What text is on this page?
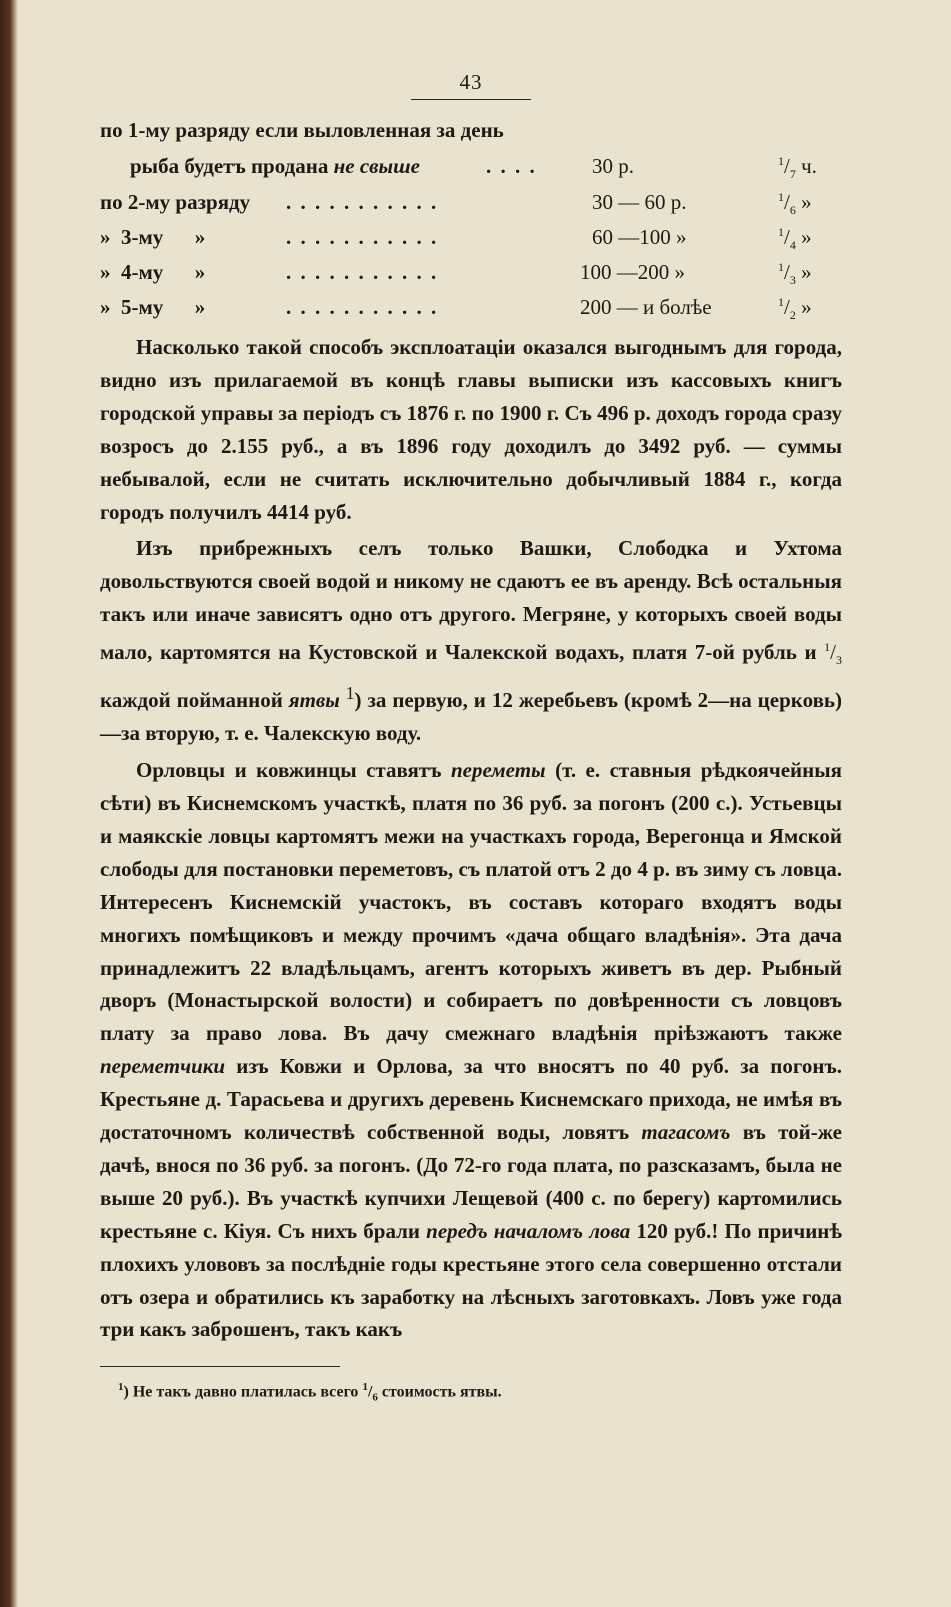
43
по 1-му разряду если выловленная за день
рыба будетъ продана не свыше	. . . .	30 р.	$^1/_7$ ч.
по 2-му разряду . . . . . . . . . . .	30 — 60 р.	$^1/_6$ »
»  3-му      »	. . . . . . . . . . .	60 —100 »	$^1/_4$ »
»  4-му      »	. . . . . . . . . . .	100 —200 »	$^1/_3$ »
»  5-му      »	. . . . . . . . . . .	200 — и болѣе	$^1/_2$ »

Насколько такой способъ эксплоатаціи оказался выгоднымъ для города, видно изъ прилагаемой въ концѣ главы выписки изъ кассовыхъ книгъ городской управы за періодъ съ 1876 г. по 1900 г. Съ 496 р. доходъ города сразу возросъ до 2.155 руб., а въ 1896 году доходилъ до 3492 руб. — суммы небывалой, если не считать исключительно добычливый 1884 г., когда городъ получилъ 4414 руб.

Изъ прибрежныхъ селъ только Вашки, Слободка и Ухтома довольствуются своей водой и никому не сдаютъ ее въ аренду. Всѣ остальныя такъ или иначе зависятъ одно отъ другого. Мегряне, у которыхъ своей воды мало, картомятся на Кустовской и Чалекской водахъ, платя 7-ой рубль и $^1/_3$ каждой пойманной ятвы $^1$) за первую, и 12 жеребьевъ (кромѣ 2—на церковь)—за вторую, т. е. Чалекскую воду.

Орловцы и ковжинцы ставятъ переметы (т. е. ставныя рѣдкоячейныя сѣти) въ Киснемскомъ участкѣ, платя по 36 руб. за погонъ (200 с.). Устьевцы и маякскіе ловцы картомятъ межи на участкахъ города, Верегонца и Ямской слободы для постановки переметовъ, съ платой отъ 2 до 4 р. въ зиму съ ловца. Интересенъ Киснемскій участокъ, въ составъ котораго входятъ воды многихъ помѣщиковъ и между прочимъ «дача общаго владѣнія». Эта дача принадлежитъ 22 владѣльцамъ, агентъ которыхъ живетъ въ дер. Рыбный дворъ (Монастырской волости) и собираетъ по довѣренности съ ловцовъ плату за право лова. Въ дачу смежнаго владѣнія пріѣзжаютъ также переметчики изъ Ковжи и Орлова, за что вносятъ по 40 руб. за погонъ. Крестьяне д. Тарасьева и другихъ деревень Киснемскаго прихода, не имѣя въ достаточномъ количествѣ собственной воды, ловятъ тагасомъ въ той-же дачѣ, внося по 36 руб. за погонъ. (До 72-го года плата, по разсказамъ, была не выше 20 руб.). Въ участкѣ купчихи Лещевой (400 с. по берегу) картомились крестьяне с. Кіуя. Съ нихъ брали передъ началомъ лова 120 руб.! По причинѣ плохихъ улововъ за послѣдніе годы крестьяне этого села совершенно отстали отъ озера и обратились къ заработку на лѣсныхъ заготовкахъ. Ловъ уже года три какъ заброшенъ, такъ какъ

$^1$) Не такъ давно платилась всего $^1/_6$ стоимость ятвы.
